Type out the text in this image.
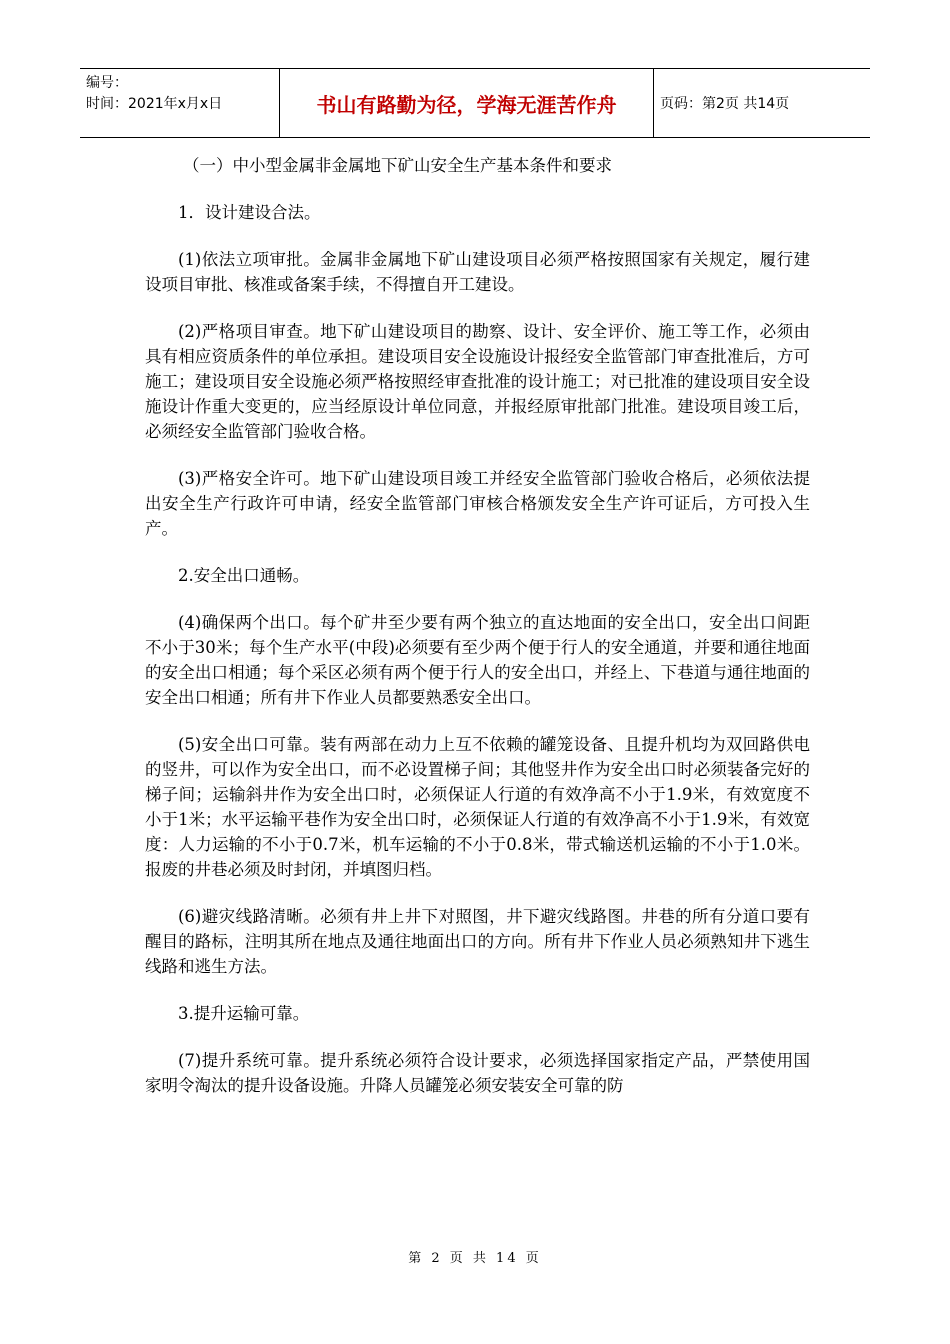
编号：
时间：2021年x月x日	书山有路勤为径，学海无涯苦作舟	页码：第2页 共14页

（一）中小型金属非金属地下矿山安全生产基本条件和要求

1．设计建设合法。

(1)依法立项审批。金属非金属地下矿山建设项目必须严格按照国家有关规定，履行建设项目审批、核准或备案手续，不得擅自开工建设。

(2)严格项目审查。地下矿山建设项目的勘察、设计、安全评价、施工等工作，必须由具有相应资质条件的单位承担。建设项目安全设施设计报经安全监管部门审查批准后，方可施工；建设项目安全设施必须严格按照经审查批准的设计施工；对已批准的建设项目安全设施设计作重大变更的，应当经原设计单位同意，并报经原审批部门批准。建设项目竣工后，必须经安全监管部门验收合格。

(3)严格安全许可。地下矿山建设项目竣工并经安全监管部门验收合格后，必须依法提出安全生产行政许可申请，经安全监管部门审核合格颁发安全生产许可证后，方可投入生产。

2.安全出口通畅。

(4)确保两个出口。每个矿井至少要有两个独立的直达地面的安全出口，安全出口间距不小于30米；每个生产水平(中段)必须要有至少两个便于行人的安全通道，并要和通往地面的安全出口相通；每个采区必须有两个便于行人的安全出口，并经上、下巷道与通往地面的安全出口相通；所有井下作业人员都要熟悉安全出口。

(5)安全出口可靠。装有两部在动力上互不依赖的罐笼设备、且提升机均为双回路供电的竖井，可以作为安全出口，而不必设置梯子间；其他竖井作为安全出口时必须装备完好的梯子间；运输斜井作为安全出口时，必须保证人行道的有效净高不小于1.9米，有效宽度不小于1米；水平运输平巷作为安全出口时，必须保证人行道的有效净高不小于1.9米，有效宽度：人力运输的不小于0.7米，机车运输的不小于0.8米，带式输送机运输的不小于1.0米。报废的井巷必须及时封闭，并填图归档。

(6)避灾线路清晰。必须有井上井下对照图，井下避灾线路图。井巷的所有分道口要有醒目的路标，注明其所在地点及通往地面出口的方向。所有井下作业人员必须熟知井下逃生线路和逃生方法。

3.提升运输可靠。

(7)提升系统可靠。提升系统必须符合设计要求，必须选择国家指定产品，严禁使用国家明令淘汰的提升设备设施。升降人员罐笼必须安装安全可靠的防

第 2 页 共 14 页
